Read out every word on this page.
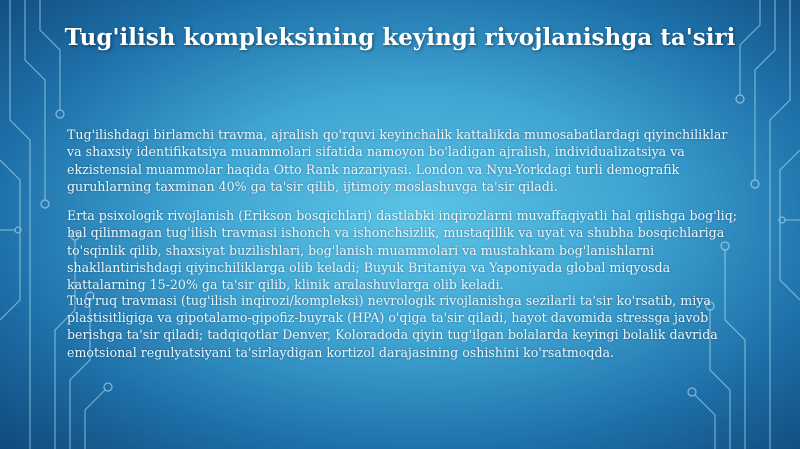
Tug'ilish kompleksining keyingi rivojlanishga ta'siri

Tug'ilishdagi birlamchi travma, ajralish qo'rquvi keyinchalik kattalikda munosabatlardagi qiyinchiliklar va shaxsiy identifikatsiya muammolari sifatida namoyon bo'ladigan ajralish, individualizatsiya va ekzistensial muammolar haqida Otto Rank nazariyasi. London va Nyu-Yorkdagi turli demografik guruhlarning taxminan 40% ga ta'sir qilib, ijtimoiy moslashuvga ta'sir qiladi.

Erta psixologik rivojlanish (Erikson bosqichlari) dastlabki inqirozlarni muvaffaqiyatli hal qilishga bog'liq; hal qilinmagan tug'ilish travmasi ishonch va ishonchsizlik, mustaqillik va uyat va shubha bosqichlariga to'sqinlik qilib, shaxsiyat buzilishlari, bog'lanish muammolari va mustahkam bog'lanishlarni shakllantirishdagi qiyinchiliklarga olib keladi; Buyuk Britaniya va Yaponiyada global miqyosda kattalarning 15-20% ga ta'sir qilib, klinik aralashuvlarga olib keladi.

Tug'ruq travmasi (tug'ilish inqirozi/kompleksi) nevrologik rivojlanishga sezilarli ta'sir ko'rsatib, miya plastisitligiga va gipotalamo-gipofiz-buyrak (HPA) o'qiga ta'sir qiladi, hayot davomida stressga javob berishga ta'sir qiladi; tadqiqotlar Denver, Koloradoda qiyin tug'ilgan bolalarda keyingi bolalik davrida emotsional regulyatsiyani ta'sirlaydigan kortizol darajasining oshishini ko'rsatmoqda.
